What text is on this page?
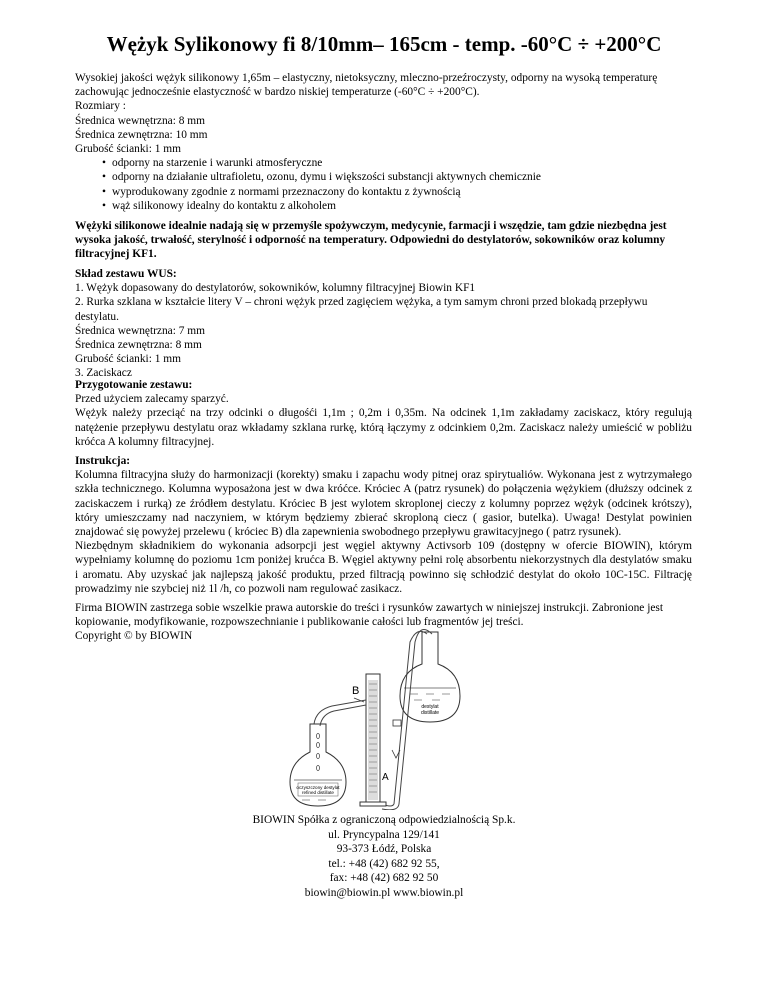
Wężyk Sylikonowy fi 8/10mm– 165cm - temp. -60°C ÷ +200°C

Wysokiej jakości wężyk silikonowy 1,65m – elastyczny, nietoksyczny, mleczno-przeźroczysty, odporny na wysoką temperaturę zachowując jednocześnie elastyczność w bardzo niskiej temperaturze (-60°C ÷ +200°C).

Rozmiary :

Średnica wewnętrzna: 8 mm

Średnica zewnętrzna: 10 mm

Grubość ścianki: 1 mm

• odporny na starzenie i warunki atmosferyczne
• odporny na działanie ultrafioletu, ozonu, dymu i większości substancji aktywnych chemicznie
• wyprodukowany zgodnie z normami przeznaczony do kontaktu z żywnością
• wąż silikonowy idealny do kontaktu z alkoholem

Wężyki silikonowe idealnie nadają się w przemyśle spożywczym, medycynie, farmacji i wszędzie, tam gdzie niezbędna jest wysoka jakość, trwałość, sterylność i odporność na temperatury. Odpowiedni do destylatorów, sokowników oraz kolumny filtracyjnej KF1.

Skład zestawu WUS:

1. Wężyk dopasowany do destylatorów, sokowników, kolumny filtracyjnej Biowin KF1

2. Rurka szklana w kształcie litery V – chroni wężyk przed zagięciem wężyka, a tym samym chroni przed blokadą przepływu destylatu.

Średnica wewnętrzna: 7 mm

Średnica zewnętrzna: 8 mm

Grubość ścianki: 1 mm

3. Zaciskacz

Przygotowanie zestawu:

Przed użyciem zalecamy sparzyć.

Wężyk należy przeciąć na trzy odcinki o długośći 1,1m ; 0,2m i 0,35m. Na odcinek 1,1m zakładamy zaciskacz, który regulują natężenie przepływu destylatu oraz wkładamy szklana rurkę, którą łączymy z odcinkiem 0,2m. Zaciskacz należy umieścić w pobliżu króćca A kolumny filtracyjnej.

Instrukcja:

Kolumna filtracyjna służy do harmonizacji (korekty) smaku i zapachu wody pitnej oraz spirytualiów. Wykonana jest z wytrzymałego szkła technicznego. Kolumna wyposażona jest w dwa króćce. Króciec A (patrz rysunek) do połączenia wężykiem (dłuższy odcinek z zaciskaczem i rurką) ze źródłem destylatu. Króciec B jest wylotem skroplonej cieczy z kolumny poprzez wężyk (odcinek krótszy), który umieszczamy nad naczyniem, w którym będziemy zbierać skroploną ciecz ( gasior, butelka). Uwaga! Destylat powinien znajdować się powyżej przelewu ( króciec B) dla zapewnienia swobodnego przepływu grawitacyjnego ( patrz rysunek).

Niezbędnym składnikiem do wykonania adsorpcji jest węgiel aktywny Activsorb 109 (dostępny w ofercie BIOWIN), którym wypełniamy kolumnę do poziomu 1cm poniżej krućca B. Węgiel aktywny pełni rolę absorbentu niekorzystnych dla destylatów smaku i aromatu. Aby uzyskać jak najlepszą jakość produktu, przed filtracją powinno się schłodzić destylat do około 10C-15C. Filtrację prowadzimy nie szybciej niż 1l /h, co pozwoli nam regulować zasikacz.

Firma BIOWIN zastrzega sobie wszelkie prawa autorskie do treści i rysunków zawartych w niniejszej instrukcji. Zabronione jest kopiowanie, modyfikowanie, rozpowszechnianie i publikowanie całości lub fragmentów jej treści.

Copyright © by BIOWIN

destylat
distillate
B
A
oczyszczony destylat
refined distillate

BIOWIN Spółka z ograniczoną odpowiedzialnością Sp.k.

ul. Pryncypalna 129/141

93-373 Łódź, Polska

tel.: +48 (42) 682 92 55,

fax: +48 (42) 682 92 50

biowin@biowin.pl www.biowin.pl
